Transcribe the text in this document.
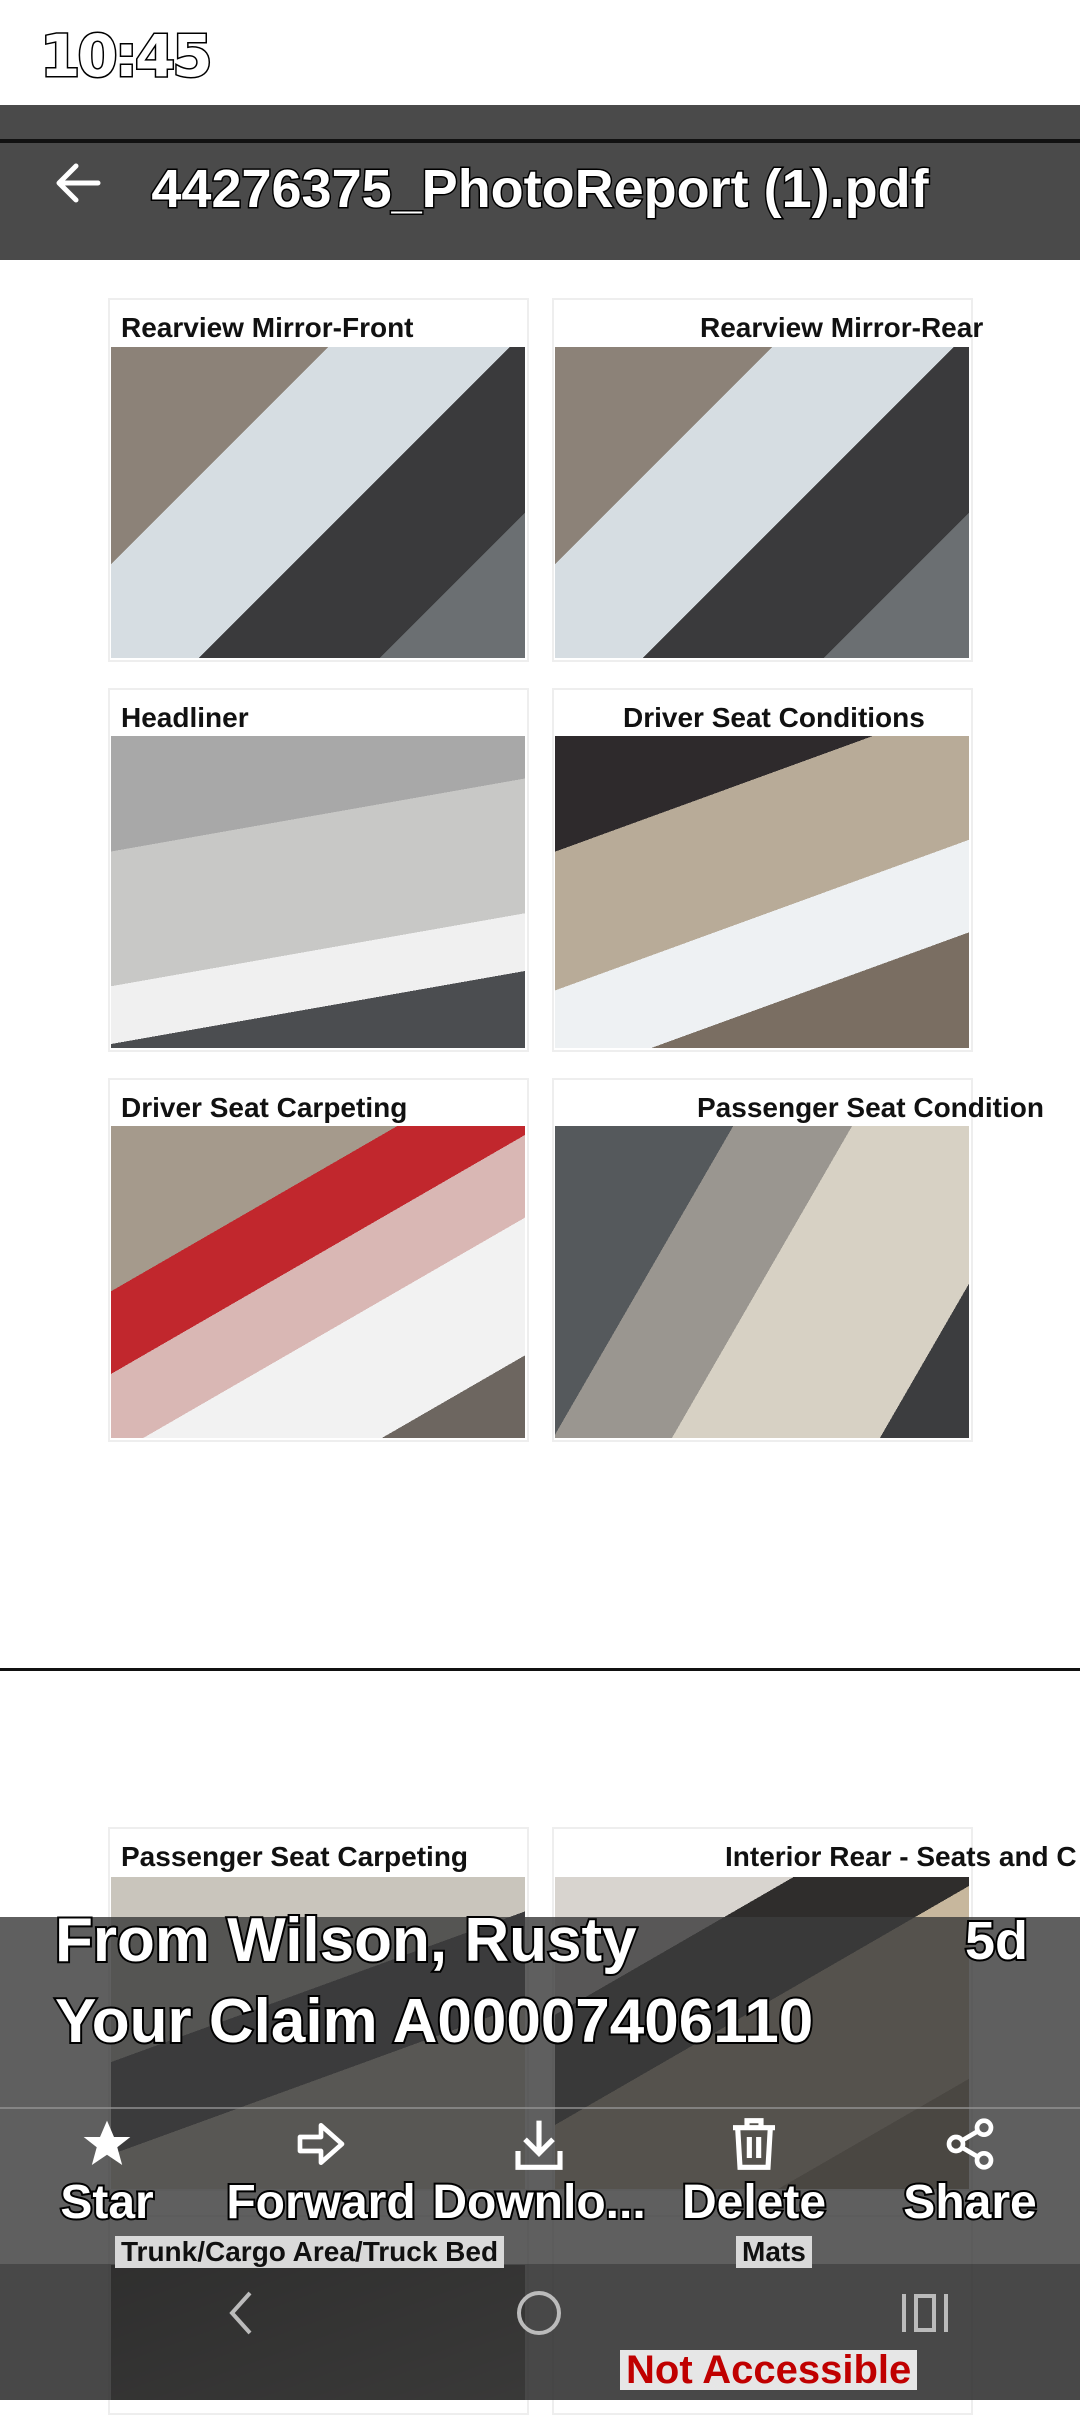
10:45
44276375_PhotoReport (1).pdf
Rearview Mirror-Front	Rearview Mirror-Rear
Headliner	Driver Seat Conditions
Driver Seat Carpeting	Passenger Seat Condition
Passenger Seat Carpeting	Interior Rear - Seats and C
From Wilson, Rusty	5d
Your Claim A00007406110
Star	Forward Downlo... Delete	Share
Trunk/Cargo Area/Truck Bed	Mats
Not Accessible
